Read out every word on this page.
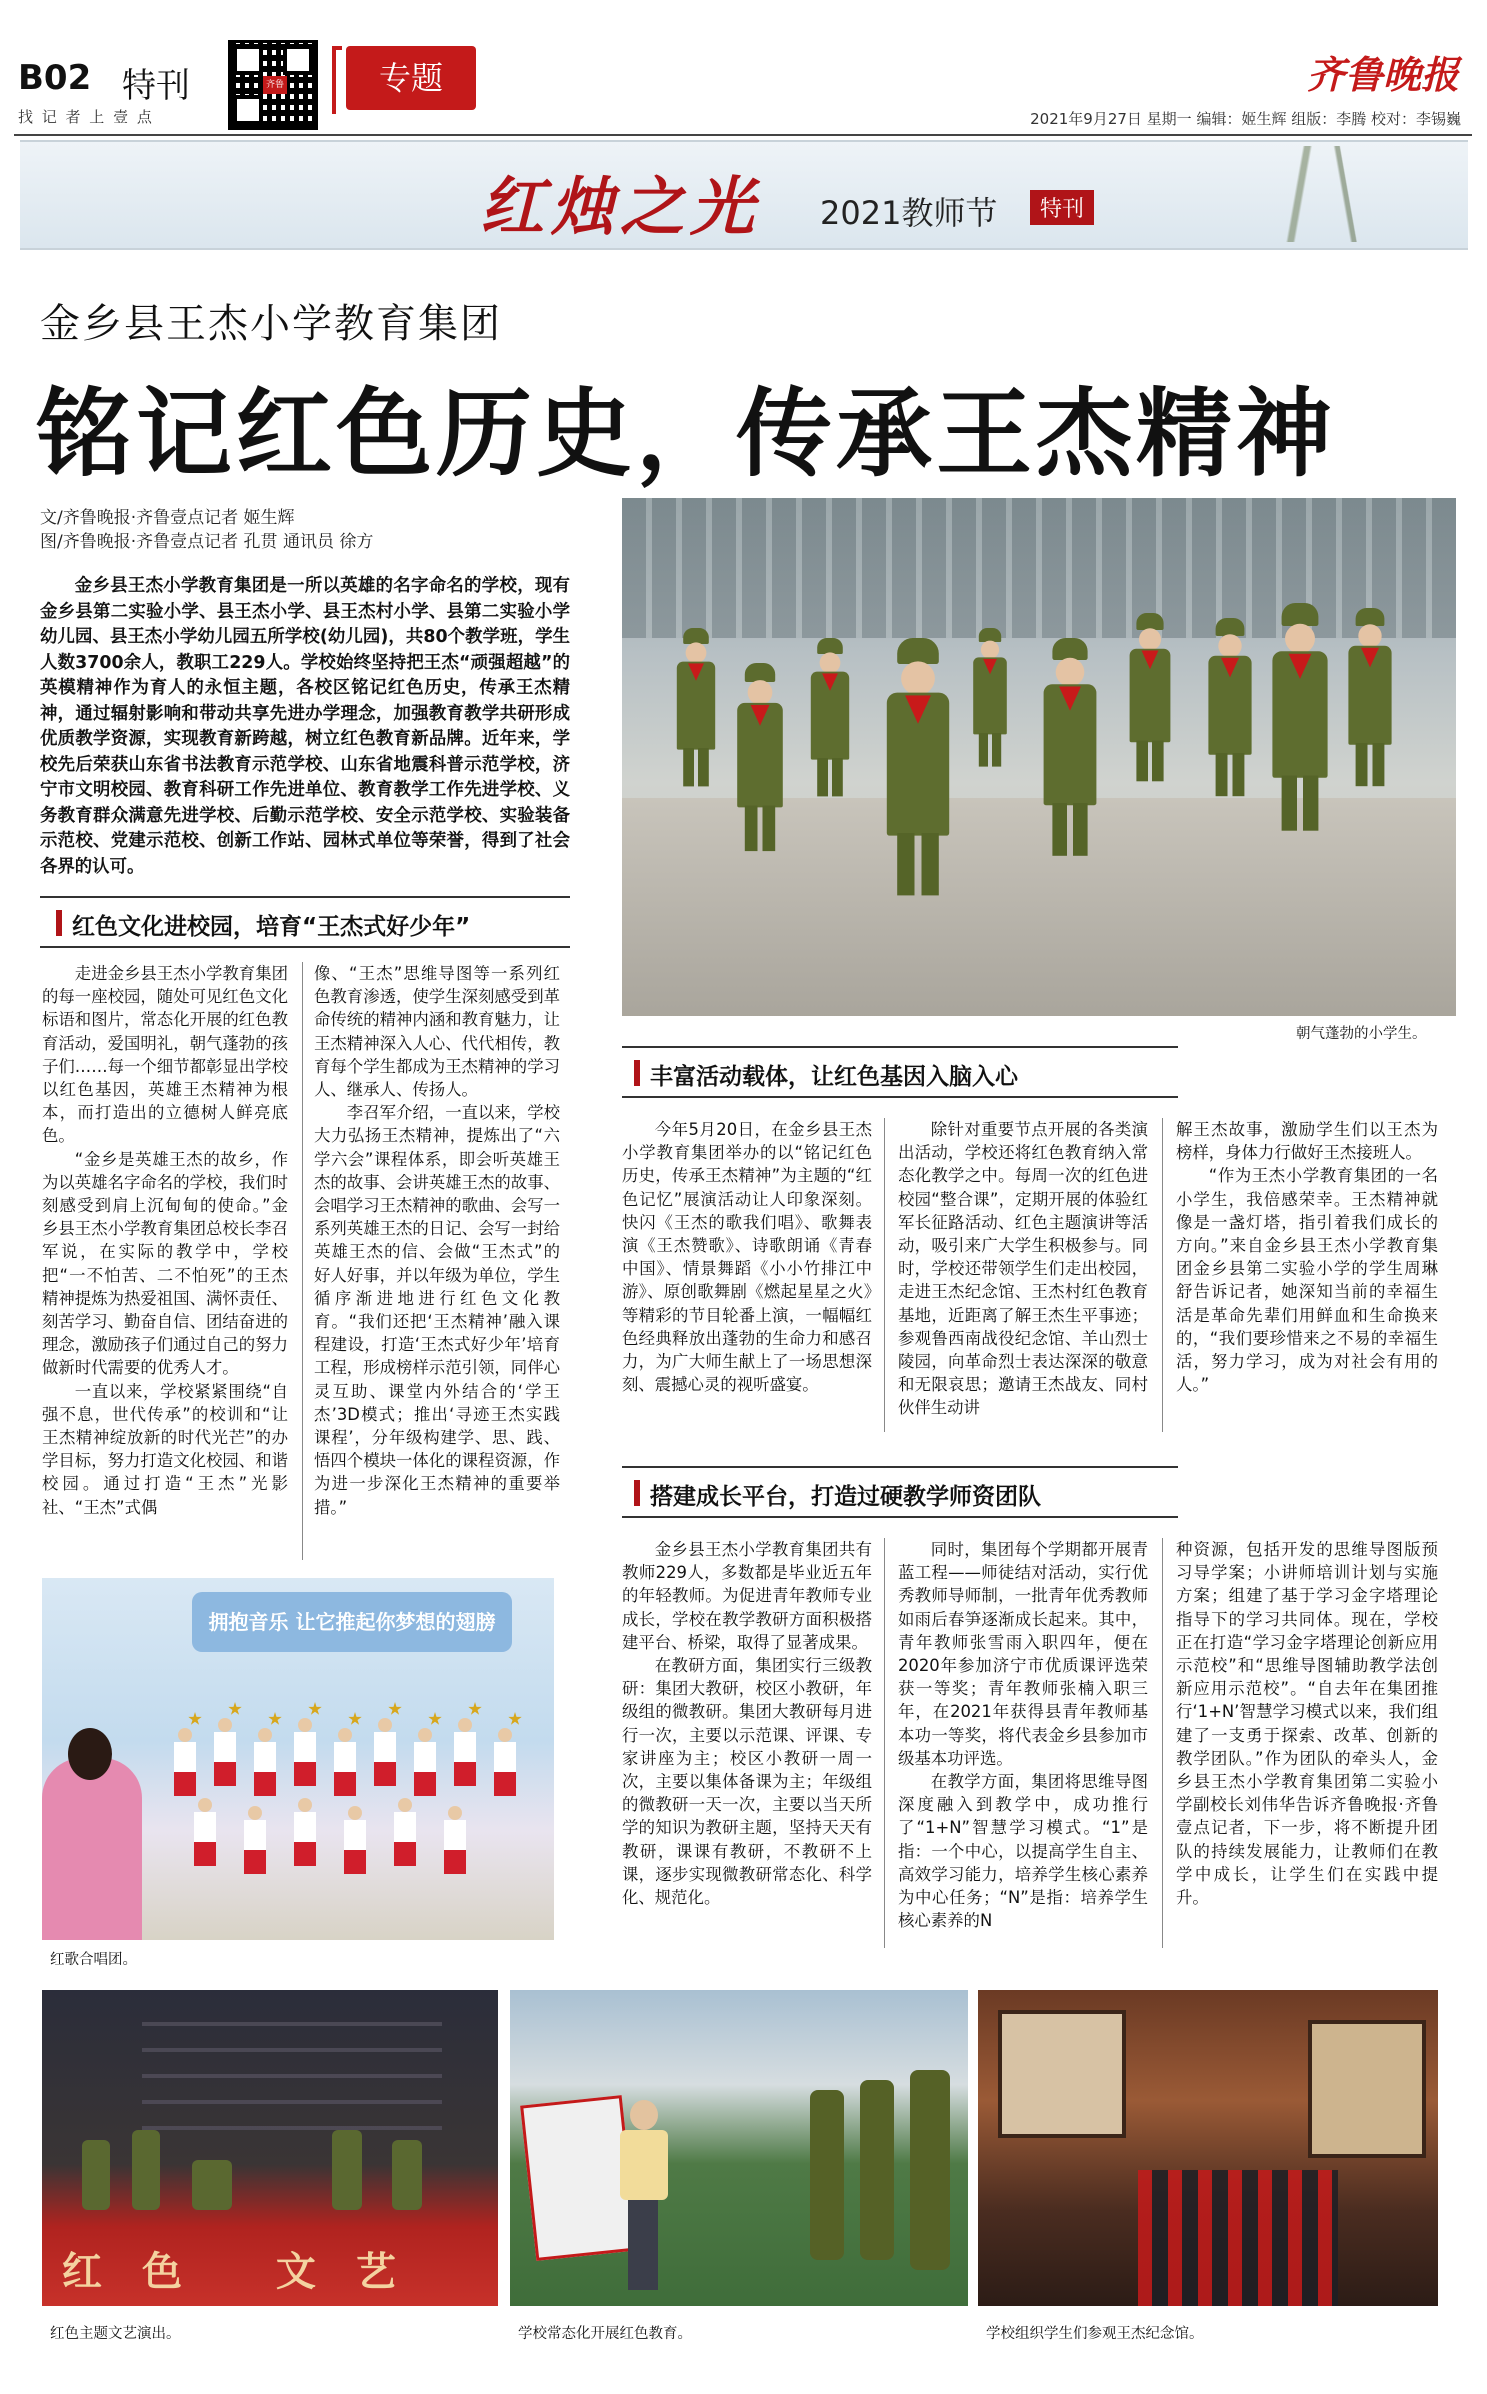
B02 特刊
找 记 者 上 壹 点
齐鲁	专题	齐鲁晚报
2021年9月27日 星期一 编辑：姬生辉 组版：李腾 校对：李锡巍
红烛之光 2021教师节	特刊
金乡县王杰小学教育集团
铭记红色历史，传承王杰精神
文/齐鲁晚报·齐鲁壹点记者 姬生辉
图/齐鲁晚报·齐鲁壹点记者 孔贯 通讯员 徐方

金乡县王杰小学教育集团是一所以英雄的名字命名的学校，现有金乡县第二实验小学、县王杰小学、县王杰村小学、县第二实验小学幼儿园、县王杰小学幼儿园五所学校(幼儿园)，共80个教学班，学生人数3700余人，教职工229人。学校始终坚持把王杰“顽强超越”的英模精神作为育人的永恒主题，各校区铭记红色历史，传承王杰精神，通过辐射影响和带动共享先进办学理念，加强教育教学共研形成优质教学资源，实现教育新跨越，树立红色教育新品牌。近年来，学校先后荣获山东省书法教育示范学校、山东省地震科普示范学校，济宁市文明校园、教育科研工作先进单位、教育教学工作先进学校、义务教育群众满意先进学校、后勤示范学校、安全示范学校、实验装备示范校、党建示范校、创新工作站、园林式单位等荣誉，得到了社会各界的认可。

朝气蓬勃的小学生。
红色文化进校园，培育“王杰式好少年”

走进金乡县王杰小学教育集团的每一座校园，随处可见红色文化标语和图片，常态化开展的红色教育活动，爱国明礼，朝气蓬勃的孩子们……每一个细节都彰显出学校以红色基因，英雄王杰精神为根本，而打造出的立德树人鲜亮底色。

“金乡是英雄王杰的故乡，作为以英雄名字命名的学校，我们时刻感受到肩上沉甸甸的使命。”金乡县王杰小学教育集团总校长李召军说，在实际的教学中，学校把“一不怕苦、二不怕死”的王杰精神提炼为热爱祖国、满怀责任、刻苦学习、勤奋自信、团结奋进的理念，激励孩子们通过自己的努力做新时代需要的优秀人才。

一直以来，学校紧紧围绕“自强不息，世代传承”的校训和“让王杰精神绽放新的时代光芒”的办学目标，努力打造文化校园、和谐校园。通过打造“王杰”光影社、“王杰”式偶

像、“王杰”思维导图等一系列红色教育渗透，使学生深刻感受到革命传统的精神内涵和教育魅力，让王杰精神深入人心、代代相传，教育每个学生都成为王杰精神的学习人、继承人、传扬人。

李召军介绍，一直以来，学校大力弘扬王杰精神，提炼出了“六学六会”课程体系，即会听英雄王杰的故事、会讲英雄王杰的故事、会唱学习王杰精神的歌曲、会写一系列英雄王杰的日记、会写一封给英雄王杰的信、会做“王杰式”的好人好事，并以年级为单位，学生循序渐进地进行红色文化教育。“我们还把‘王杰精神’融入课程建设，打造‘王杰式好少年’培育工程，形成榜样示范引领，同伴心灵互助、课堂内外结合的‘学王杰’3D模式；推出‘寻迹王杰实践课程’，分年级构建学、思、践、悟四个模块一体化的课程资源，作为进一步深化王杰精神的重要举措。”

丰富活动载体，让红色基因入脑入心

今年5月20日，在金乡县王杰小学教育集团举办的以“铭记红色历史，传承王杰精神”为主题的“红色记忆”展演活动让人印象深刻。快闪《王杰的歌我们唱》、歌舞表演《王杰赞歌》、诗歌朗诵《青春中国》、情景舞蹈《小小竹排江中游》、原创歌舞剧《燃起星星之火》等精彩的节目轮番上演，一幅幅红色经典释放出蓬勃的生命力和感召力，为广大师生献上了一场思想深刻、震撼心灵的视听盛宴。

除针对重要节点开展的各类演出活动，学校还将红色教育纳入常态化教学之中。每周一次的红色进校园“整合课”，定期开展的体验红军长征路活动、红色主题演讲等活动，吸引来广大学生积极参与。同时，学校还带领学生们走出校园，走进王杰纪念馆、王杰村红色教育基地，近距离了解王杰生平事迹；参观鲁西南战役纪念馆、羊山烈士陵园，向革命烈士表达深深的敬意和无限哀思；邀请王杰战友、同村伙伴生动讲

解王杰故事，激励学生们以王杰为榜样，身体力行做好王杰接班人。

“作为王杰小学教育集团的一名小学生，我倍感荣幸。王杰精神就像是一盏灯塔，指引着我们成长的方向。”来自金乡县王杰小学教育集团金乡县第二实验小学的学生周琳舒告诉记者，她深知当前的幸福生活是革命先辈们用鲜血和生命换来的，“我们要珍惜来之不易的幸福生活，努力学习，成为对社会有用的人。”

搭建成长平台，打造过硬教学师资团队

金乡县王杰小学教育集团共有教师229人，多数都是毕业近五年的年轻教师。为促进青年教师专业成长，学校在教学教研方面积极搭建平台、桥梁，取得了显著成果。

在教研方面，集团实行三级教研：集团大教研，校区小教研，年级组的微教研。集团大教研每月进行一次，主要以示范课、评课、专家讲座为主；校区小教研一周一次，主要以集体备课为主；年级组的微教研一天一次，主要以当天所学的知识为教研主题，坚持天天有教研，课课有教研，不教研不上课，逐步实现微教研常态化、科学化、规范化。

同时，集团每个学期都开展青蓝工程——师徒结对活动，实行优秀教师导师制，一批青年优秀教师如雨后春笋逐渐成长起来。其中，青年教师张雪雨入职四年，便在2020年参加济宁市优质课评选荣获一等奖；青年教师张楠入职三年，在2021年获得县青年教师基本功一等奖，将代表金乡县参加市级基本功评选。

在教学方面，集团将思维导图深度融入到教学中，成功推行了“1+N”智慧学习模式。“1”是指：一个中心，以提高学生自主、高效学习能力，培养学生核心素养为中心任务；“N”是指：培养学生核心素养的N

种资源，包括开发的思维导图版预习导学案；小讲师培训计划与实施方案；组建了基于学习金字塔理论指导下的学习共同体。现在，学校正在打造“学习金字塔理论创新应用示范校”和“思维导图辅助教学法创新应用示范校”。“自去年在集团推行‘1+N’智慧学习模式以来，我们组建了一支勇于探索、改革、创新的教学团队。”作为团队的牵头人，金乡县王杰小学教育集团第二实验小学副校长刘伟华告诉齐鲁晚报·齐鲁壹点记者，下一步，将不断提升团队的持续发展能力，让教师们在教学中成长，让学生们在实践中提升。

拥抱音乐 让它推起你梦想的翅膀
红歌合唱团。
红色 文艺
红色主题文艺演出。	学校常态化开展红色教育。	学校组织学生们参观王杰纪念馆。
